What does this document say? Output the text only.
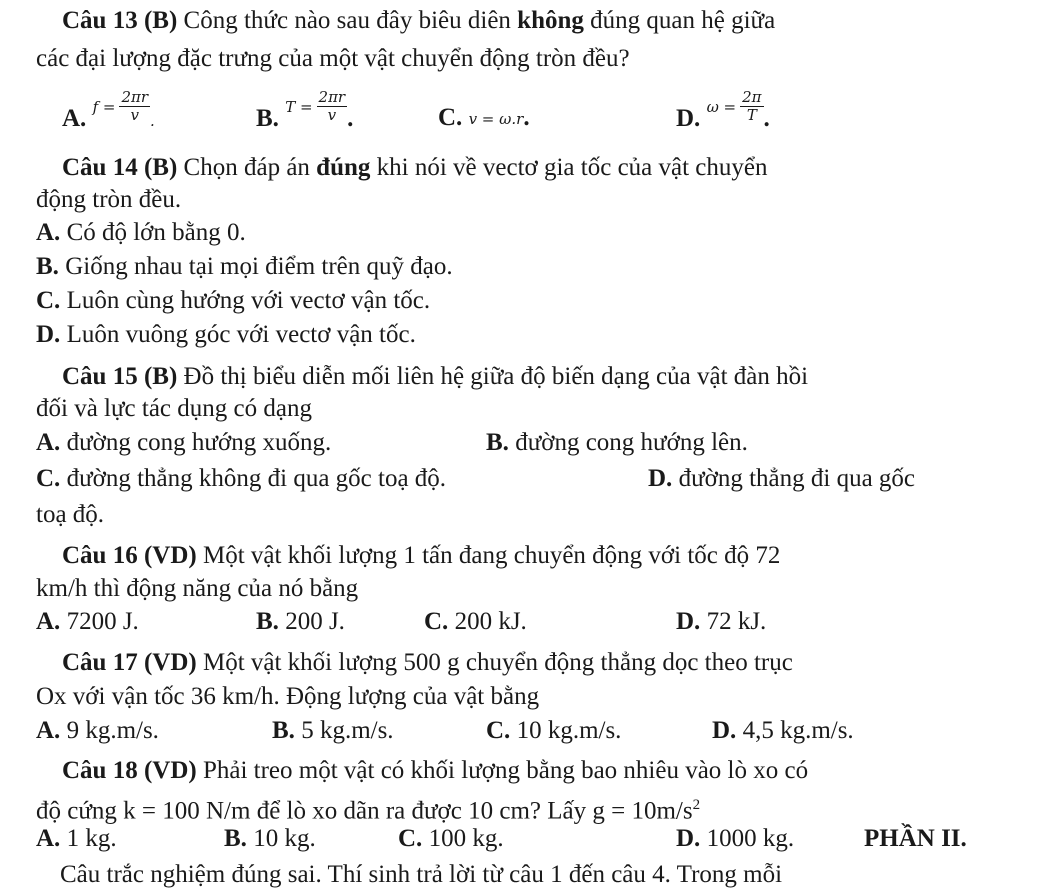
Câu 13 (B) Công thức nào sau đây biêu diên không đúng quan hệ giữa
các đại lượng đặc trưng của một vật chuyển động tròn đều?
A. $f = \frac{2\pi r}{v}$ .	B. $T = \frac{2\pi r}{v}$ .	C. v = ω.r.	D. $\omega = \frac{2\pi}{T}$ .
Câu 14 (B) Chọn đáp án đúng khi nói về vectơ gia tốc của vật chuyển
động tròn đều.
A. Có độ lớn bằng 0.
B. Giống nhau tại mọi điểm trên quỹ đạo.
C. Luôn cùng hướng với vectơ vận tốc.
D. Luôn vuông góc với vectơ vận tốc.
Câu 15 (B) Đồ thị biểu diễn mối liên hệ giữa độ biến dạng của vật đàn hồi
đối và lực tác dụng có dạng
A. đường cong hướng xuống.	B. đường cong hướng lên.
C. đường thẳng không đi qua gốc toạ độ.	D. đường thẳng đi qua gốc
toạ độ.
Câu 16 (VD) Một vật khối lượng 1 tấn đang chuyển động với tốc độ 72
km/h thì động năng của nó bằng
A. 7200 J.	B. 200 J.	C. 200 kJ.	D. 72 kJ.
Câu 17 (VD) Một vật khối lượng 500 g chuyển động thẳng dọc theo trục
Ox với vận tốc 36 km/h. Động lượng của vật bằng
A. 9 kg.m/s.	B. 5 kg.m/s.	C. 10 kg.m/s.	D. 4,5 kg.m/s.
Câu 18 (VD) Phải treo một vật có khối lượng bằng bao nhiêu vào lò xo có
độ cứng k = 100 N/m để lò xo dãn ra được 10 cm? Lấy $g = 10m/s^2$
A. 1 kg.	B. 10 kg.	C. 100 kg.	D. 1000 kg.	PHẦN II.
Câu trắc nghiệm đúng sai. Thí sinh trả lời từ câu 1 đến câu 4. Trong mỗi
